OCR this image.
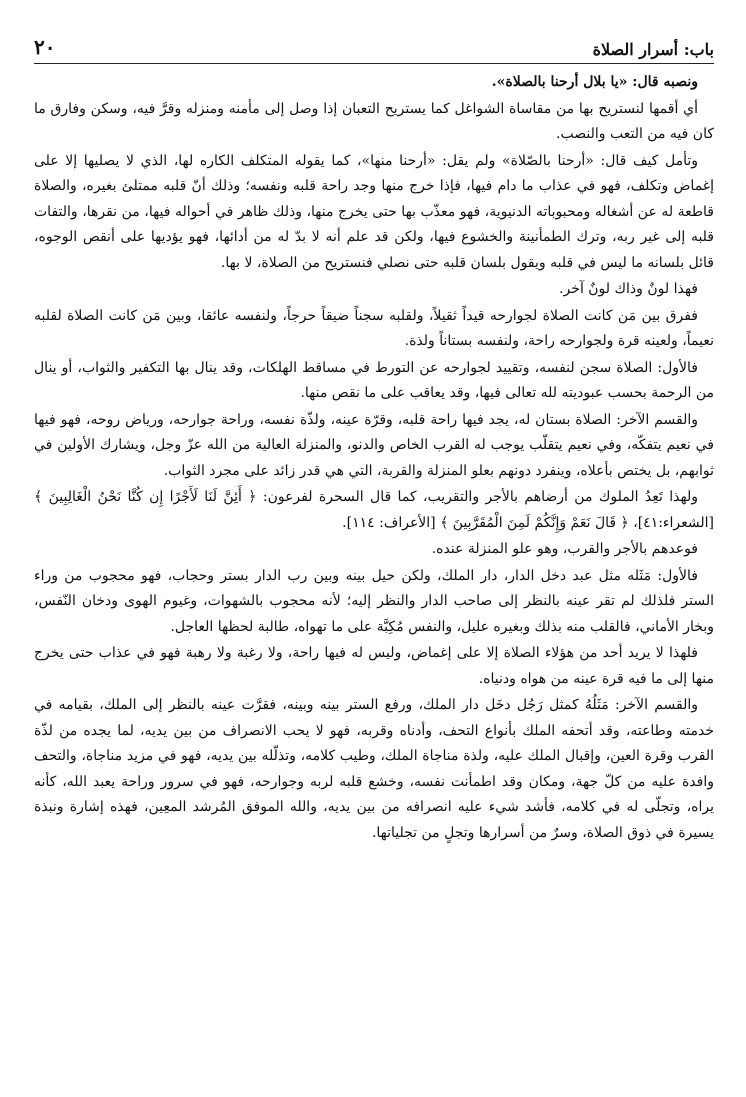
باب: أسرار الصلاة
٢٠

ونصبه قال: «يا بلال أرحنا بالصلاة».

أي أقمها لنستريح بها من مقاساة الشواغل كما يستريح التعبان إذا وصل إلى مأمنه ومنزله وقرَّ فيه، وسكن وفارق ما كان فيه من التعب والنصب.

وتأمل كيف قال: «أرحنا بالصّلاة» ولم يقل: «أرحنا منها»، كما يقوله المتكلف الكاره لها، الذي لا يصليها إلا على إغماض وتكلف، فهو في عذاب ما دام فيها، فإذا خرج منها وجد راحة قلبه ونفسه؛ وذلك أنّ قلبه ممتلئ بغيره، والصلاة قاطعة له عن أشغاله ومحبوباته الدنيوية، فهو معذّب بها حتى يخرج منها، وذلك ظاهر في أحواله فيها، من نقرها، والتفات قلبه إلى غير ربه، وترك الطمأنينة والخشوع فيها، ولكن قد علم أنه لا بدّ له من أدائها، فهو يؤديها على أنقص الوجوه، قائل بلسانه ما ليس في قلبه ويقول بلسان قلبه حتى نصلي فنستريح من الصلاة، لا بها.

فهذا لونٌ وذاك لونٌ آخر.

ففرق بين مَن كانت الصلاة لجوارحه قيداً ثقيلاً، ولقلبه سجناً ضيقاً حرجاً، ولنفسه عائقا، وبين مَن كانت الصلاة لقلبه نعيماً، ولعينه قرة ولجوارحه راحة، ولنفسه بستاناً ولذة.

فالأول: الصلاة سجن لنفسه، وتقييد لجوارحه عن التورط في مساقط الهلكات، وقد ينال بها التكفير والثواب، أو ينال من الرحمة بحسب عبوديته لله تعالى فيها، وقد يعاقب على ما نقص منها.

والقسم الآخر: الصلاة بستان له، يجد فيها راحة قلبه، وقرّة عينه، ولذّة نفسه، وراحة جوارحه، ورياض روحه، فهو فيها في نعيم يتفكّه، وفي نعيم يتقلّب يوجب له القرب الخاص والدنو، والمنزلة العالية من الله عزّ وجل، ويشارك الأولين في ثوابهم، بل يختص بأعلاه، وينفرد دونهم بعلو المنزلة والقربة، التي هي قدر زائد على مجرد الثواب.

ولهذا تَعِدُ الملوك من أرضاهم بالأجر والتقريب، كما قال السحرة لفرعون: ﴿ أَئِنَّ لَنَا لَأَجْرًا إِن كُنَّا نَحْنُ الْغَالِبِينَ ﴾ [الشعراء:٤١]، ﴿ قَالَ نَعَمْ وَإِنَّكُمْ لَمِنَ الْمُقَرَّبِينَ ﴾ [الأعراف: ١١٤].

فوعدهم بالأجر والقرب، وهو علو المنزلة عنده.

فالأول: مَثَله مثل عبد دخل الدار، دار الملك، ولكن حيل بينه وبين رب الدار بستر وحجاب، فهو محجوب من وراء الستر فلذلك لم تقر عينه بالنظر إلى صاحب الدار والنظر إليه؛ لأنه محجوب بالشهوات، وغيوم الهوى ودخان النّفس، وبخار الأماني، فالقلب منه بذلك وبغيره عليل، والنفس مُكِبَّة على ما تهواه، طالبة لحظها العاجل.

فلهذا لا يريد أحد من هؤلاء الصلاة إلا على إغماض، وليس له فيها راحة، ولا رغبة ولا رهبة فهو في عذاب حتى يخرج منها إلى ما فيه قرة عينه من هواه ودنياه.

والقسم الآخر: مَثَلُهُ كمثل رَجُل دخَل دار الملك، ورفع الستر بينه وبينه، فقرَّت عينه بالنظر إلى الملك، بقيامه في خدمته وطاعته، وقد أتحفه الملك بأنواع التحف، وأدناه وقربه، فهو لا يحب الانصراف من بين يديه، لما يجده من لذّة القرب وقرة العين، وإقبال الملك عليه، ولذة مناجاة الملك، وطيب كلامه، وتذلّله بين يديه، فهو في مزيد مناجاة، والتحف وافدة عليه من كلّ جهة، ومكان وقد اطمأنت نفسه، وخشع قلبه لربه وجوارحه، فهو في سرور وراحة يعبد الله، كأنه يراه، وتجلّى له في كلامه، فأشد شيء عليه انصرافه من بين يديه، والله الموفق المُرشد المعِين، فهذه إشارة ونبذة يسيرة في ذوق الصلاة، وسرٌ من أسرارها وتجلٍ من تجلياتها.
